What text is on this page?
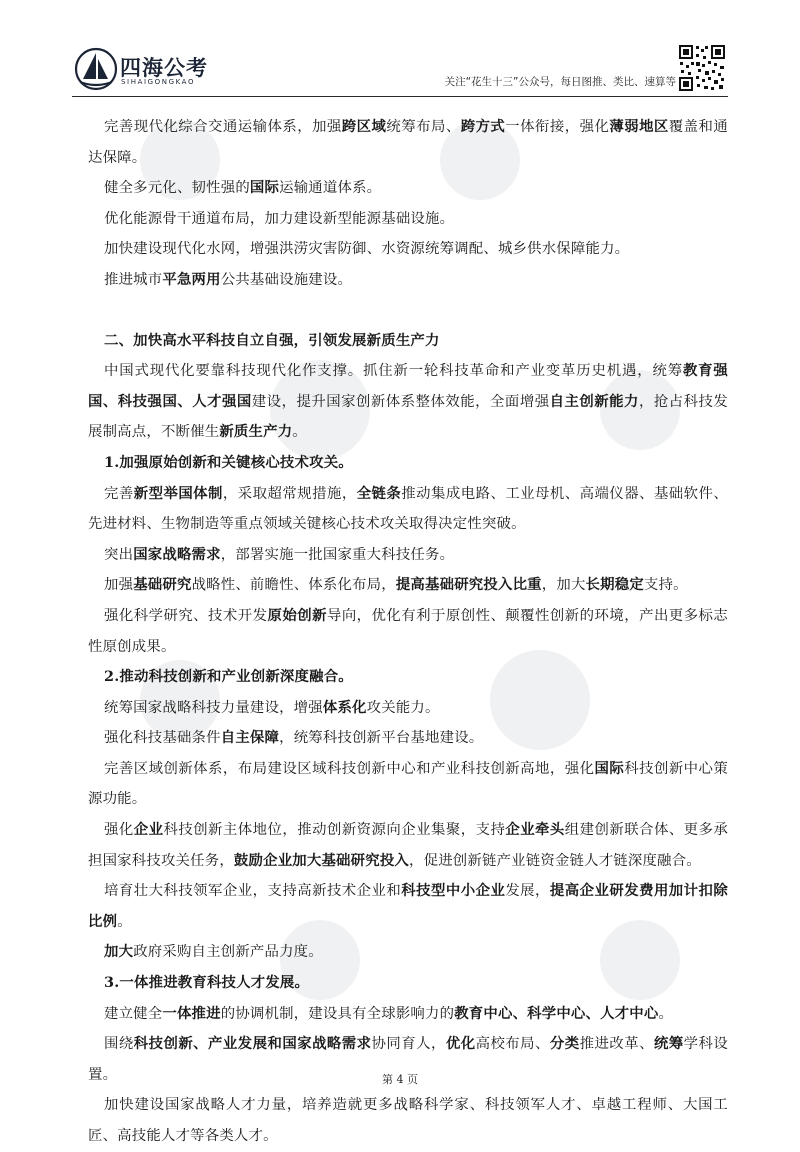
四海公考
SIHAIGONGKAO	关注“花生十三”公众号，每日图推、类比、速算等

完善现代化综合交通运输体系，加强跨区域统筹布局、跨方式一体衔接，强化薄弱地区覆盖和通达保障。

健全多元化、韧性强的国际运输通道体系。

优化能源骨干通道布局，加力建设新型能源基础设施。

加快建设现代化水网，增强洪涝灾害防御、水资源统筹调配、城乡供水保障能力。

推进城市平急两用公共基础设施建设。

二、加快高水平科技自立自强，引领发展新质生产力

中国式现代化要靠科技现代化作支撑。抓住新一轮科技革命和产业变革历史机遇，统筹教育强国、科技强国、人才强国建设，提升国家创新体系整体效能，全面增强自主创新能力，抢占科技发展制高点，不断催生新质生产力。

1.加强原始创新和关键核心技术攻关。

完善新型举国体制，采取超常规措施，全链条推动集成电路、工业母机、高端仪器、基础软件、先进材料、生物制造等重点领域关键核心技术攻关取得决定性突破。

突出国家战略需求，部署实施一批国家重大科技任务。

加强基础研究战略性、前瞻性、体系化布局，提高基础研究投入比重，加大长期稳定支持。

强化科学研究、技术开发原始创新导向，优化有利于原创性、颠覆性创新的环境，产出更多标志性原创成果。

2.推动科技创新和产业创新深度融合。

统筹国家战略科技力量建设，增强体系化攻关能力。

强化科技基础条件自主保障，统筹科技创新平台基地建设。

完善区域创新体系，布局建设区域科技创新中心和产业科技创新高地，强化国际科技创新中心策源功能。

强化企业科技创新主体地位，推动创新资源向企业集聚，支持企业牵头组建创新联合体、更多承担国家科技攻关任务，鼓励企业加大基础研究投入，促进创新链产业链资金链人才链深度融合。

培育壮大科技领军企业，支持高新技术企业和科技型中小企业发展，提高企业研发费用加计扣除比例。

加大政府采购自主创新产品力度。

3.一体推进教育科技人才发展。

建立健全一体推进的协调机制，建设具有全球影响力的教育中心、科学中心、人才中心。

围绕科技创新、产业发展和国家战略需求协同育人，优化高校布局、分类推进改革、统筹学科设置。

加快建设国家战略人才力量，培养造就更多战略科学家、科技领军人才、卓越工程师、大国工匠、高技能人才等各类人才。

第 4 页
